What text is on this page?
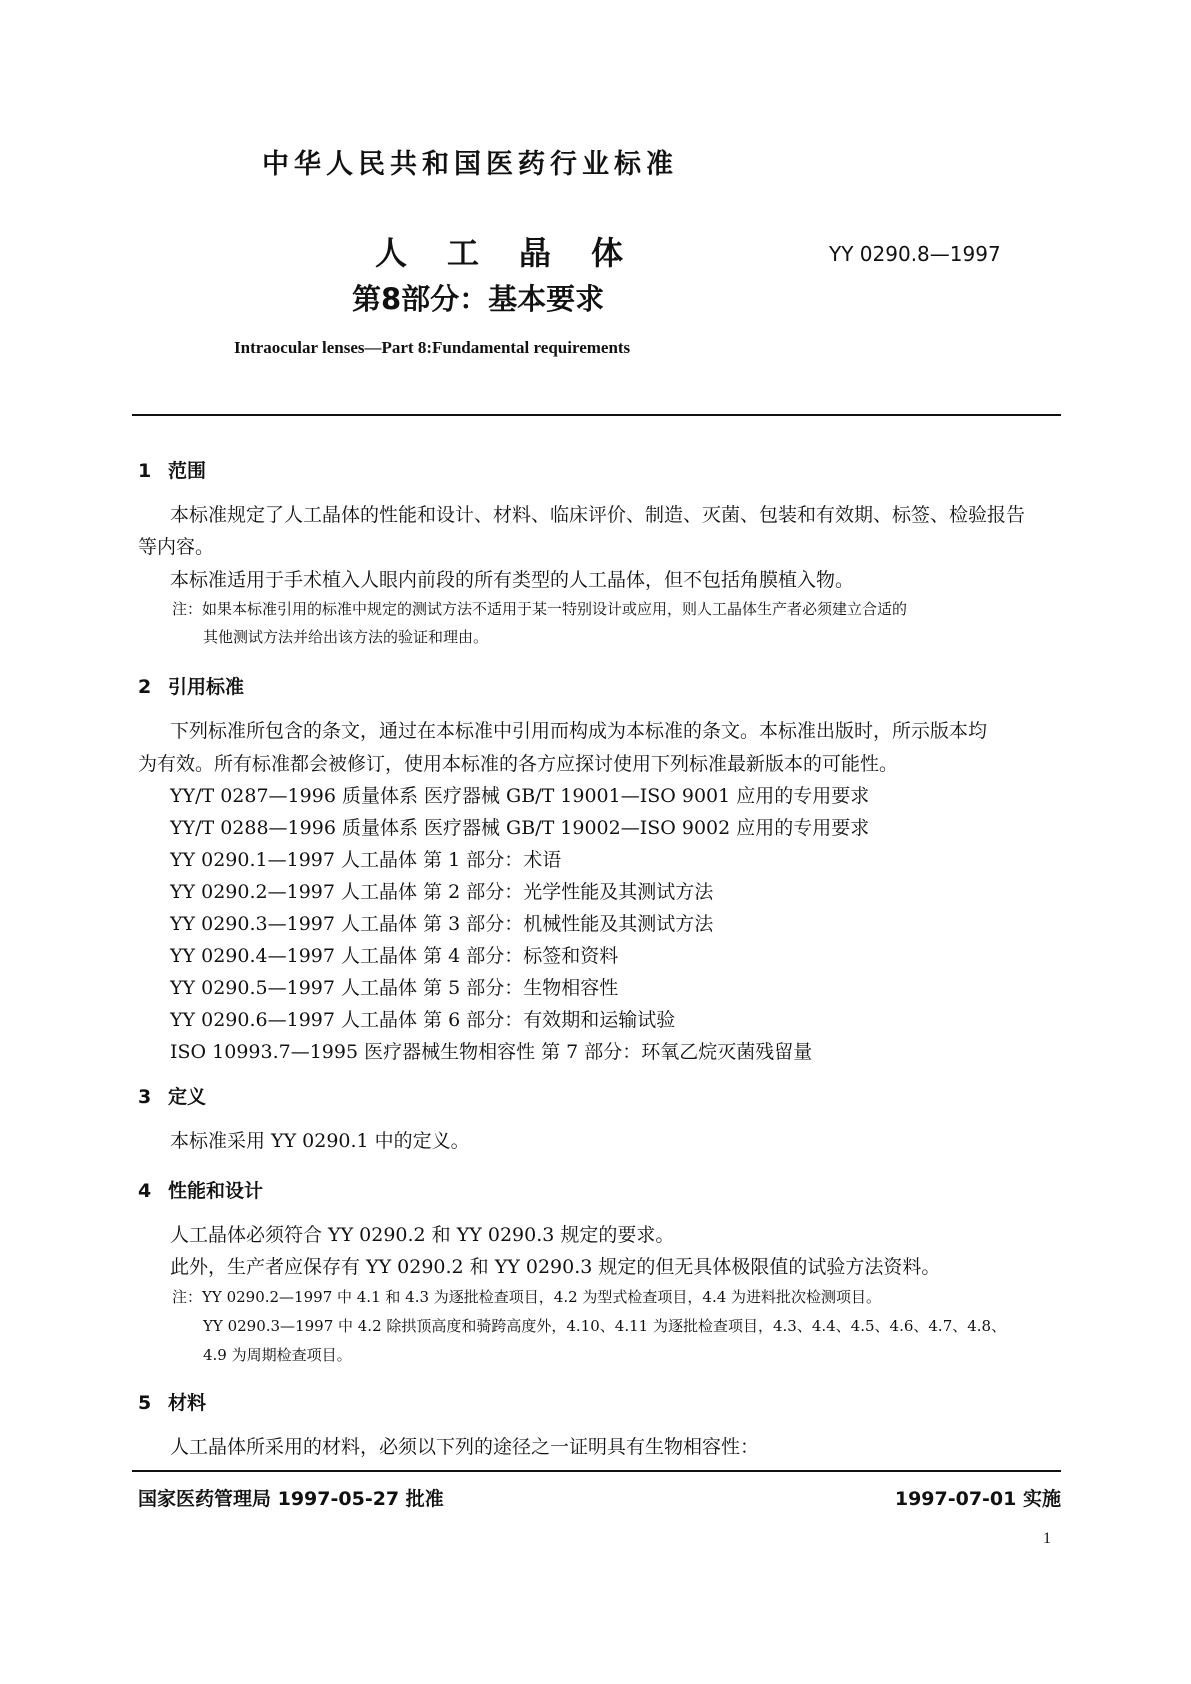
中华人民共和国医药行业标准
人工晶体	YY 0290.8—1997
第8部分：基本要求
Intraocular lenses—Part 8:Fundamental requirements
1 范围
本标准规定了人工晶体的性能和设计、材料、临床评价、制造、灭菌、包装和有效期、标签、检验报告
等内容。
本标准适用于手术植入人眼内前段的所有类型的人工晶体，但不包括角膜植入物。
注：如果本标准引用的标准中规定的测试方法不适用于某一特别设计或应用，则人工晶体生产者必须建立合适的
其他测试方法并给出该方法的验证和理由。
2 引用标准
下列标准所包含的条文，通过在本标准中引用而构成为本标准的条文。本标准出版时，所示版本均
为有效。所有标准都会被修订，使用本标准的各方应探讨使用下列标准最新版本的可能性。
YY/T 0287—1996 质量体系 医疗器械 GB/T 19001—ISO 9001 应用的专用要求
YY/T 0288—1996 质量体系 医疗器械 GB/T 19002—ISO 9002 应用的专用要求
YY 0290.1—1997 人工晶体 第 1 部分：术语
YY 0290.2—1997 人工晶体 第 2 部分：光学性能及其测试方法
YY 0290.3—1997 人工晶体 第 3 部分：机械性能及其测试方法
YY 0290.4—1997 人工晶体 第 4 部分：标签和资料
YY 0290.5—1997 人工晶体 第 5 部分：生物相容性
YY 0290.6—1997 人工晶体 第 6 部分：有效期和运输试验
ISO 10993.7—1995 医疗器械生物相容性 第 7 部分：环氧乙烷灭菌残留量
3 定义
本标准采用 YY 0290.1 中的定义。
4 性能和设计
人工晶体必须符合 YY 0290.2 和 YY 0290.3 规定的要求。
此外，生产者应保存有 YY 0290.2 和 YY 0290.3 规定的但无具体极限值的试验方法资料。
注：YY 0290.2—1997 中 4.1 和 4.3 为逐批检查项目，4.2 为型式检查项目，4.4 为进料批次检测项目。
YY 0290.3—1997 中 4.2 除拱顶高度和骑跨高度外，4.10、4.11 为逐批检查项目，4.3、4.4、4.5、4.6、4.7、4.8、
4.9 为周期检查项目。
5 材料
人工晶体所采用的材料，必须以下列的途径之一证明具有生物相容性：
国家医药管理局 1997-05-27 批准	1997-07-01 实施
1
